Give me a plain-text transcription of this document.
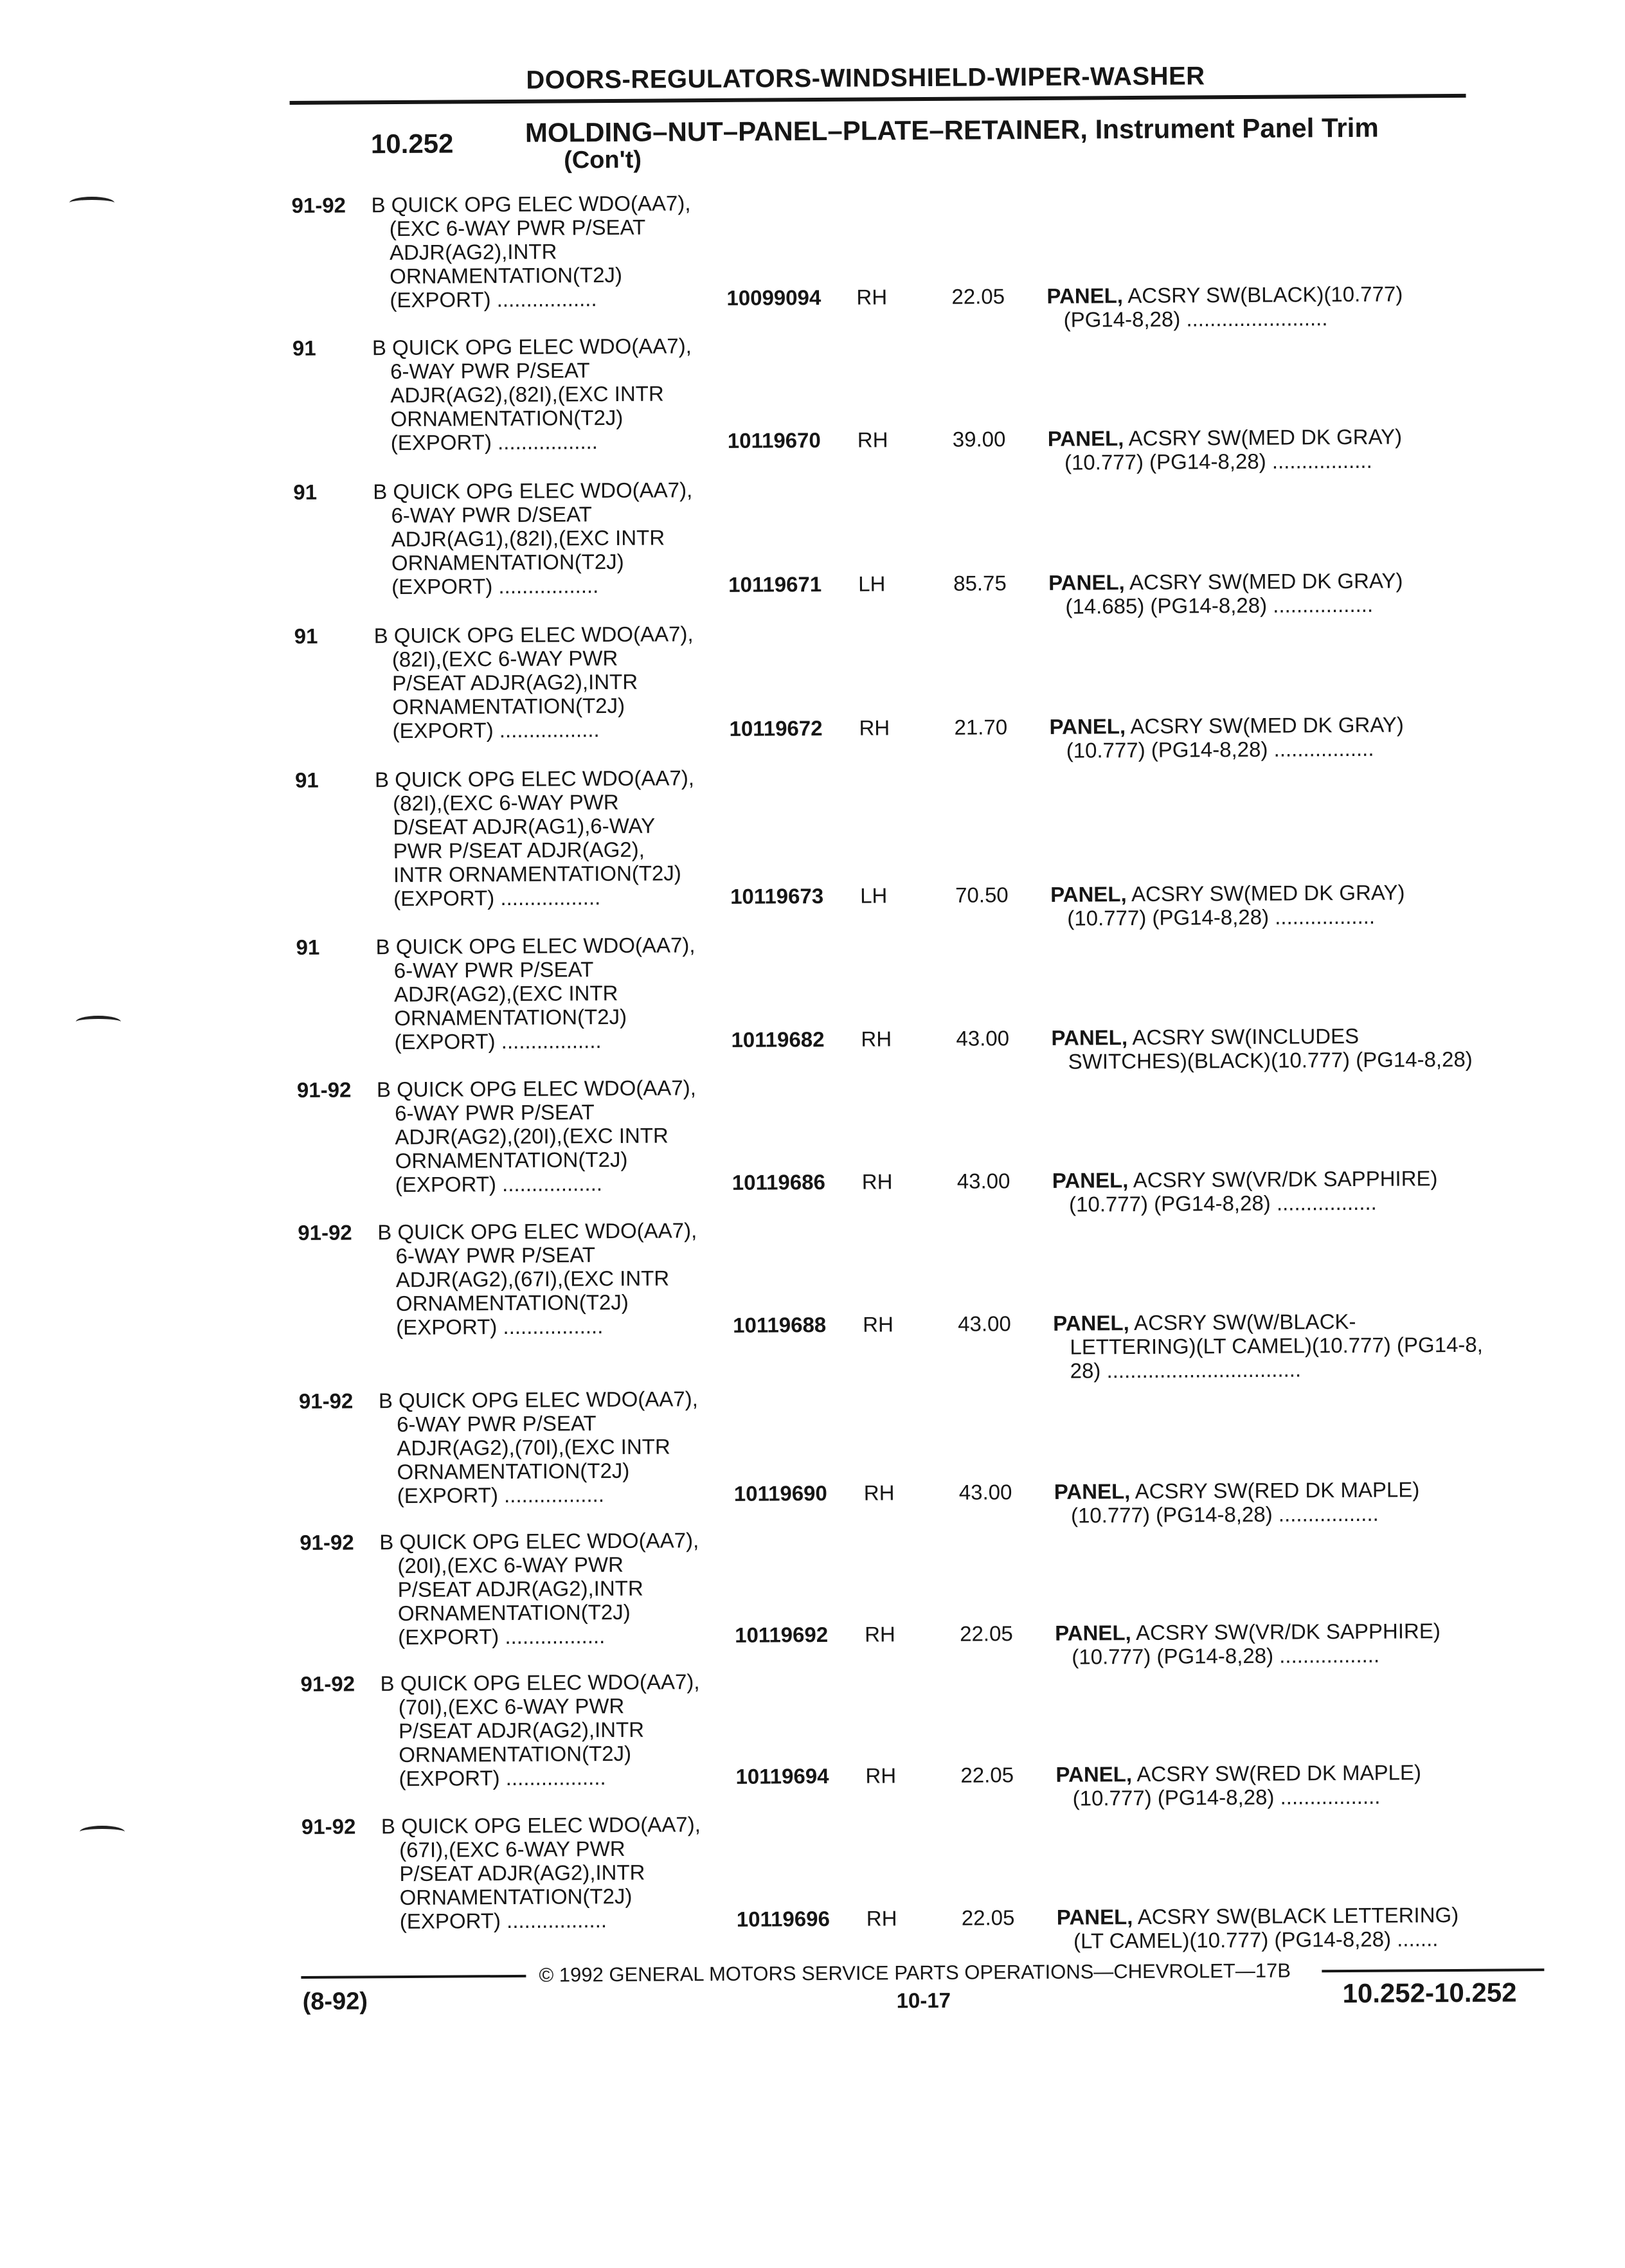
DOORS-REGULATORS-WINDSHIELD-WIPER-WASHER
10.252	MOLDING–NUT–PANEL–PLATE–RETAINER, Instrument Panel Trim
(Con't)
91-92 B QUICK OPG ELEC WDO(AA7),
(EXC 6-WAY PWR P/SEAT
ADJR(AG2),INTR
ORNAMENTATION(T2J)
(EXPORT) .................	10099094 RH	22.05 PANEL, ACSRY SW(BLACK)(10.777)
(PG14-8,28) ........................
91	B QUICK OPG ELEC WDO(AA7),
6-WAY PWR P/SEAT
ADJR(AG2),(82I),(EXC INTR
ORNAMENTATION(T2J)
(EXPORT) .................	10119670 RH	39.00 PANEL, ACSRY SW(MED DK GRAY)
(10.777) (PG14-8,28) .................
91	B QUICK OPG ELEC WDO(AA7),
6-WAY PWR D/SEAT
ADJR(AG1),(82I),(EXC INTR
ORNAMENTATION(T2J)
(EXPORT) .................	10119671 LH	85.75 PANEL, ACSRY SW(MED DK GRAY)
(14.685) (PG14-8,28) .................
91	B QUICK OPG ELEC WDO(AA7),
(82I),(EXC 6-WAY PWR
P/SEAT ADJR(AG2),INTR
ORNAMENTATION(T2J)
(EXPORT) .................	10119672 RH	21.70 PANEL, ACSRY SW(MED DK GRAY)
(10.777) (PG14-8,28) .................
91	B QUICK OPG ELEC WDO(AA7),
(82I),(EXC 6-WAY PWR
D/SEAT ADJR(AG1),6-WAY
PWR P/SEAT ADJR(AG2),
INTR ORNAMENTATION(T2J)
(EXPORT) .................	10119673 LH	70.50 PANEL, ACSRY SW(MED DK GRAY)
(10.777) (PG14-8,28) .................
91	B QUICK OPG ELEC WDO(AA7),
6-WAY PWR P/SEAT
ADJR(AG2),(EXC INTR
ORNAMENTATION(T2J)
(EXPORT) .................	10119682 RH	43.00 PANEL, ACSRY SW(INCLUDES
SWITCHES)(BLACK)(10.777) (PG14-8,28)
91-92 B QUICK OPG ELEC WDO(AA7),
6-WAY PWR P/SEAT
ADJR(AG2),(20I),(EXC INTR
ORNAMENTATION(T2J)
(EXPORT) .................	10119686 RH	43.00 PANEL, ACSRY SW(VR/DK SAPPHIRE)
(10.777) (PG14-8,28) .................
91-92 B QUICK OPG ELEC WDO(AA7),
6-WAY PWR P/SEAT
ADJR(AG2),(67I),(EXC INTR
ORNAMENTATION(T2J)
(EXPORT) .................	10119688 RH	43.00 PANEL, ACSRY SW(W/BLACK-
LETTERING)(LT CAMEL)(10.777) (PG14-8,
28) .................................
91-92 B QUICK OPG ELEC WDO(AA7),
6-WAY PWR P/SEAT
ADJR(AG2),(70I),(EXC INTR
ORNAMENTATION(T2J)
(EXPORT) .................	10119690 RH	43.00 PANEL, ACSRY SW(RED DK MAPLE)
(10.777) (PG14-8,28) .................
91-92 B QUICK OPG ELEC WDO(AA7),
(20I),(EXC 6-WAY PWR
P/SEAT ADJR(AG2),INTR
ORNAMENTATION(T2J)
(EXPORT) .................	10119692 RH	22.05 PANEL, ACSRY SW(VR/DK SAPPHIRE)
(10.777) (PG14-8,28) .................
91-92 B QUICK OPG ELEC WDO(AA7),
(70I),(EXC 6-WAY PWR
P/SEAT ADJR(AG2),INTR
ORNAMENTATION(T2J)
(EXPORT) .................	10119694 RH	22.05 PANEL, ACSRY SW(RED DK MAPLE)
(10.777) (PG14-8,28) .................
91-92 B QUICK OPG ELEC WDO(AA7),
(67I),(EXC 6-WAY PWR
P/SEAT ADJR(AG2),INTR
ORNAMENTATION(T2J)
(EXPORT) .................	10119696 RH	22.05 PANEL, ACSRY SW(BLACK LETTERING)
(LT CAMEL)(10.777) (PG14-8,28) .......
© 1992 GENERAL MOTORS SERVICE PARTS OPERATIONS—CHEVROLET—17B
(8-92)	10-17	10.252-10.252
